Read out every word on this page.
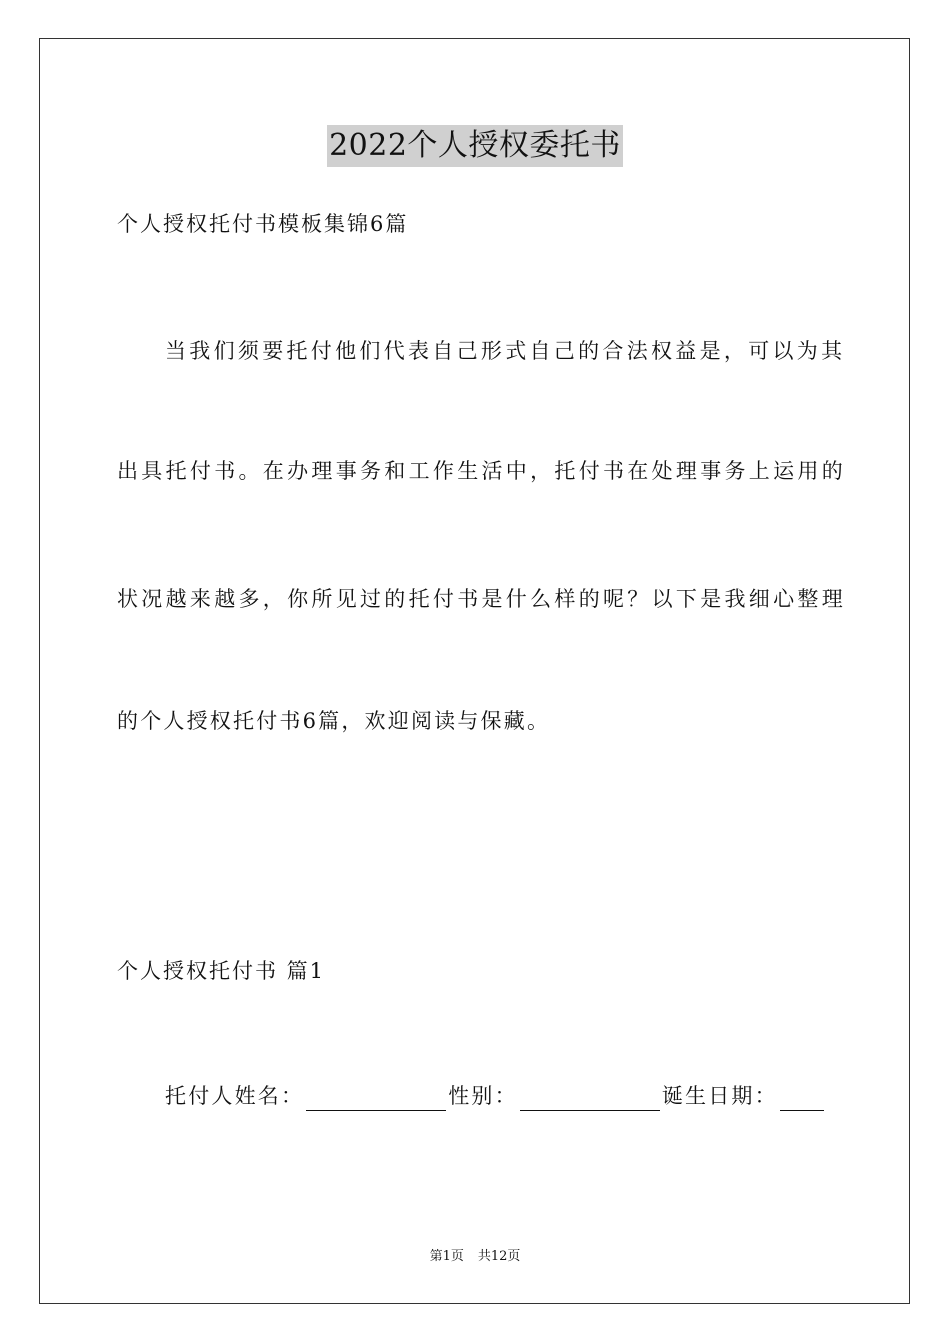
2022个人授权委托书
个人授权托付书模板集锦6篇
当我们须要托付他们代表自己形式自己的合法权益是，可以为其
出具托付书。在办理事务和工作生活中，托付书在处理事务上运用的
状况越来越多，你所见过的托付书是什么样的呢？以下是我细心整理
的个人授权托付书6篇，欢迎阅读与保藏。
个人授权托付书 篇1
托付人姓名：	性别：	诞生日期：
第1页 共12页
